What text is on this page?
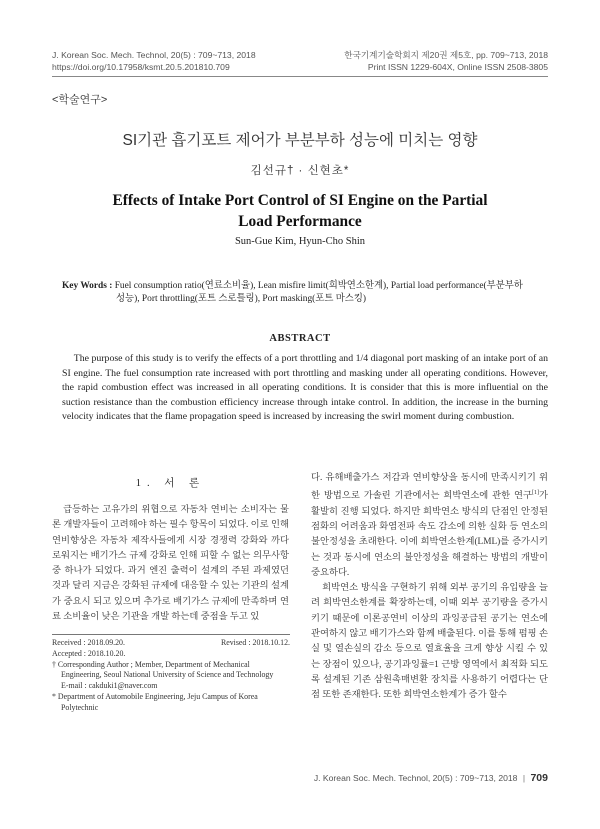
J. Korean Soc. Mech. Technol, 20(5) : 709~713, 2018
https://doi.org/10.17958/ksmt.20.5.201810.709
한국기계기술학회지 제20권 제5호, pp. 709~713, 2018
Print ISSN 1229-604X, Online ISSN 2508-3805
<학술연구>
SI기관 흡기포트 제어가 부분부하 성능에 미치는 영향
김선규† · 신현초*
Effects of Intake Port Control of SI Engine on the Partial
Load Performance
Sun-Gue Kim, Hyun-Cho Shin
Key Words : Fuel consumption ratio(연료소비율), Lean misfire limit(희박연소한계), Partial load performance(부분부하
성능), Port throttling(포트 스로틀링), Port masking(포트 마스킹)
ABSTRACT
The purpose of this study is to verify the effects of a port throttling and 1/4 diagonal port masking of an intake port of an SI engine. The fuel consumption rate increased with port throttling and masking under all operating conditions. However, the rapid combustion effect was increased in all operating conditions. It is consider that this is more influential on the suction resistance than the combustion efficiency increase through intake control. In addition, the increase in the burning velocity indicates that the flame propagation speed is increased by increasing the swirl moment during combustion.
1. 서 론

급등하는 고유가의 위협으로 자동차 연비는 소비자는 물론 개발자들이 고려해야 하는 필수 항목이 되었다. 이로 인해 연비향상은 자동차 제작사들에게 시장 경쟁력 강화와 까다로워지는 배기가스 규제 강화로 인해 피할 수 없는 의무사항중 하나가 되었다. 과거 엔진 출력이 설계의 주된 과제였던 것과 달리 지금은 강화된 규제에 대응할 수 있는 기관의 설계가 중요시 되고 있으며 추가로 배기가스 규제에 만족하며 연료 소비율이 낮은 기관을 개발 하는데 중점을 두고 있

Received : 2018.09.20.	Revised : 2018.10.12.
Accepted : 2018.10.20.
† Corresponding Author ; Member, Department of Mechanical Engineering, Seoul National University of Science and Technology
E-mail : cakduki1@naver.com
* Department of Automobile Engineering, Jeju Campus of Korea Polytechnic

다. 유해배출가스 저감과 연비향상을 동시에 만족시키기 위한 방법으로 가솔린 기관에서는 희박연소에 관한 연구[1]가 활발히 진행 되었다. 하지만 희박연소 방식의 단점인 안정된 점화의 어려움과 화염전파 속도 감소에 의한 실화 등 연소의 불안정성을 초래한다. 이에 희박연소한계(LML)를 증가시키는 것과 동시에 연소의 불안정성을 해결하는 방법의 개발이 중요하다.

희박연소 방식을 구현하기 위해 외부 공기의 유입량을 늘려 희박연소한계를 확장하는데, 이때 외부 공기량을 증가시키기 때문에 이론공연비 이상의 과잉공급된 공기는 연소에 관여하지 않고 배기가스와 함께 배출된다. 이를 통해 펌핑 손실 및 열손실의 감소 등으로 열효율을 크게 향상 시킬 수 있는 장점이 있으나, 공기과잉률=1 근방 영역에서 최적화 되도록 설계된 기존 삼원촉매변환 장치를 사용하기 어렵다는 단점 또한 존재한다. 또한 희박연소한계가 증가 할수

J. Korean Soc. Mech. Technol, 20(5) : 709~713, 2018 | 709
